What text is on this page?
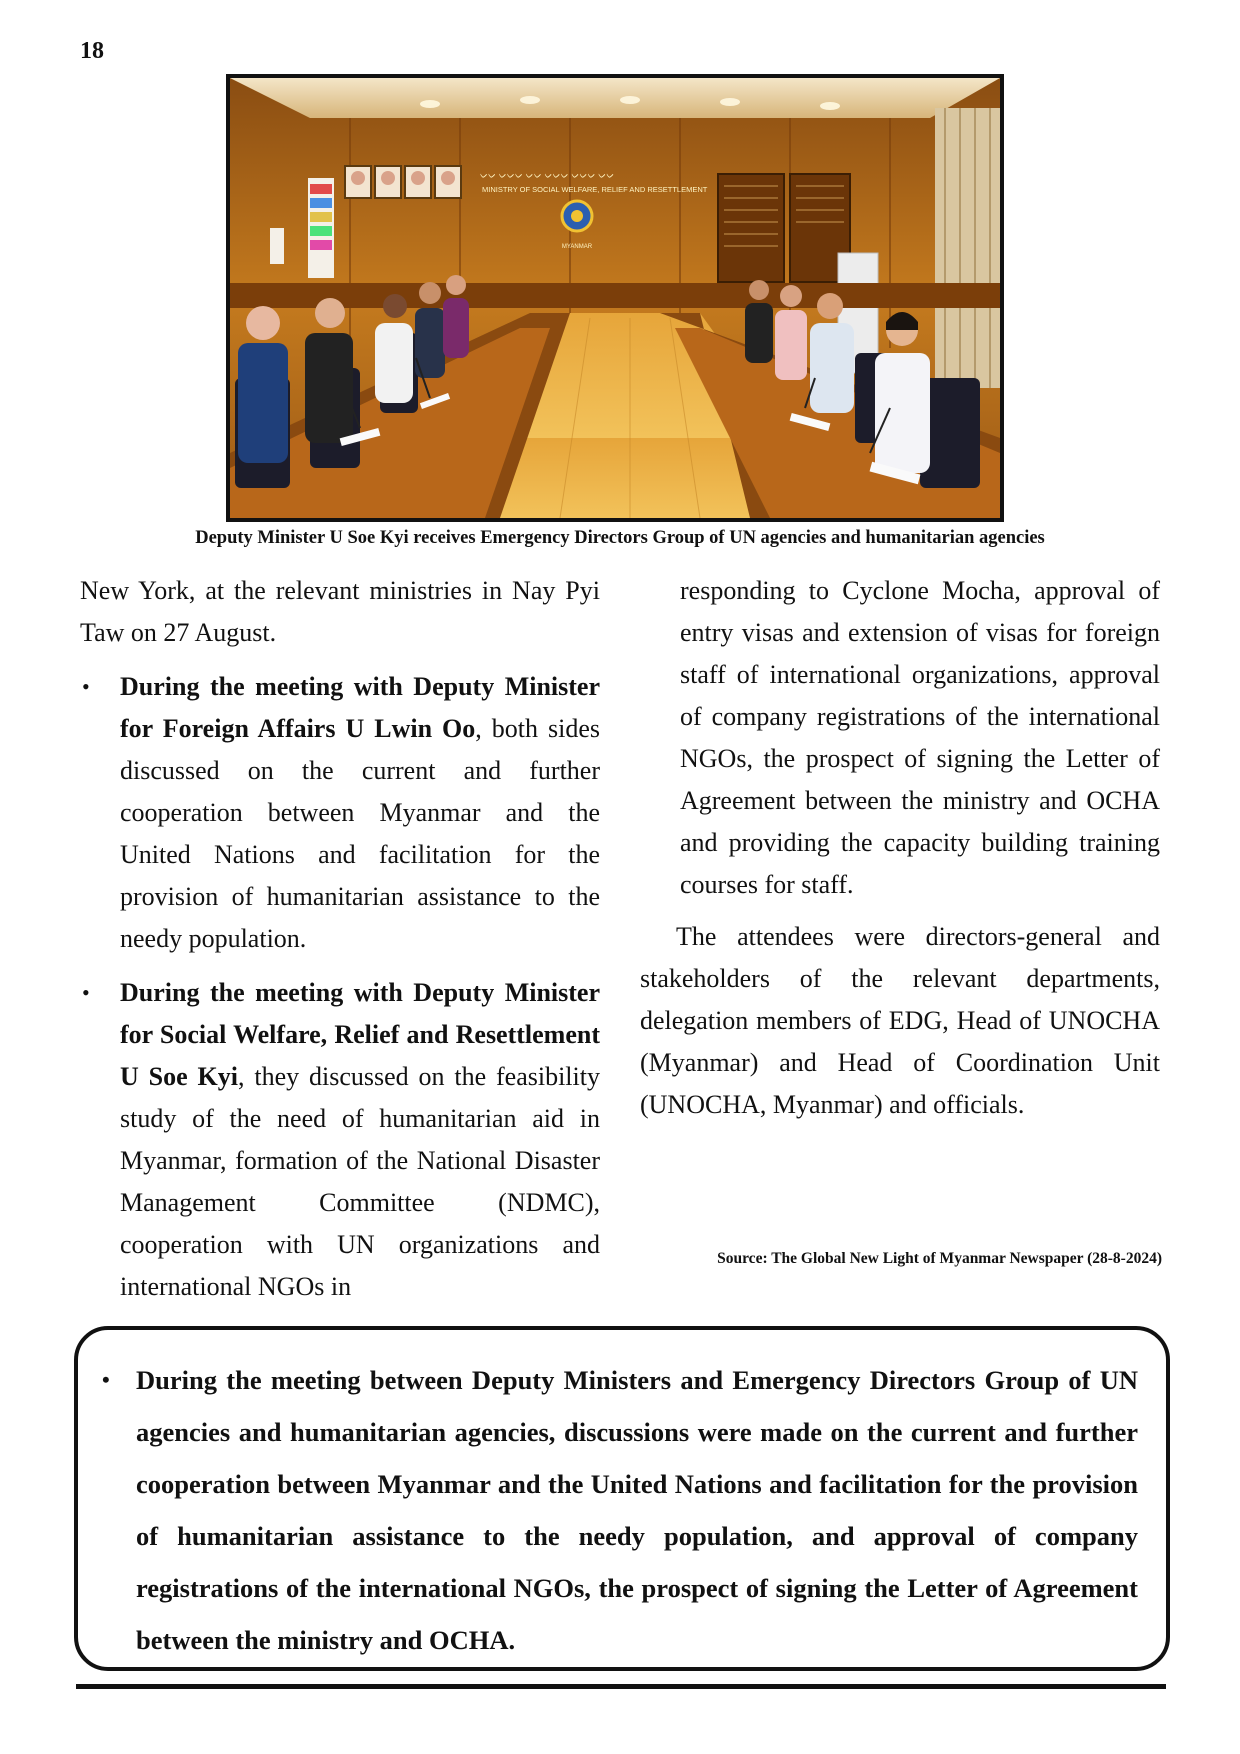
18
ᨆᨆ ᨆᨆᨆ ᨆᨆ ᨆᨆᨆ ᨆᨆᨆ ᨆᨆ
MINISTRY OF SOCIAL WELFARE, RELIEF AND RESETTLEMENT
MYANMAR
Deputy Minister U Soe Kyi receives Emergency Directors Group of UN agencies and humanitarian agencies

New York, at the relevant ministries in Nay Pyi Taw on 27 August.

• During the meeting with Deputy Minister for Foreign Affairs U Lwin Oo, both sides discussed on the current and further cooperation between Myanmar and the United Nations and facilitation for the provision of humanitarian assistance to the needy population.

• During the meeting with Deputy Minister for Social Welfare, Relief and Resettlement U Soe Kyi, they discussed on the feasibility study of the need of humanitarian aid in Myanmar, formation of the National Disaster Management Committee (NDMC), cooperation with UN organizations and international NGOs in

responding to Cyclone Mocha, approval of entry visas and extension of visas for foreign staff of international organizations, approval of company registrations of the international NGOs, the prospect of signing the Letter of Agreement between the ministry and OCHA and providing the capacity building training courses for staff.

The attendees were directors-general and stakeholders of the relevant departments, delegation members of EDG, Head of UNOCHA (Myanmar) and Head of Coordination Unit (UNOCHA, Myanmar) and officials.

Source: The Global New Light of Myanmar Newspaper (28-8-2024)
• During the meeting between Deputy Ministers and Emergency Directors Group of UN agencies and humanitarian agencies, discussions were made on the current and further cooperation between Myanmar and the United Nations and facilitation for the provision of humanitarian assistance to the needy population, and approval of company registrations of the international NGOs, the prospect of signing the Letter of Agreement between the ministry and OCHA.
